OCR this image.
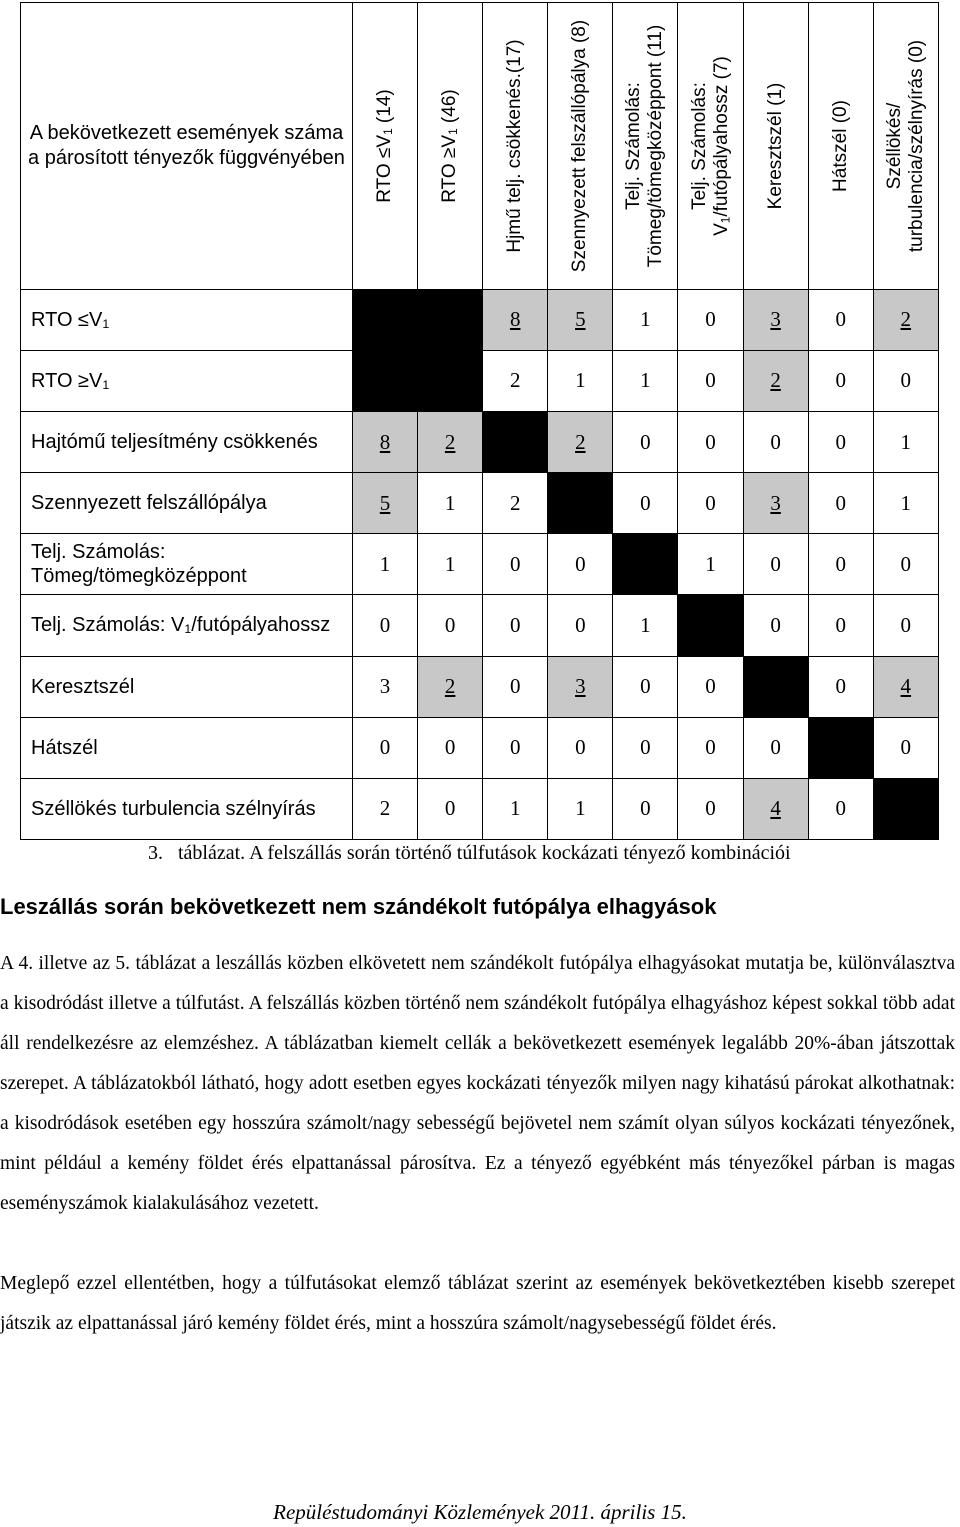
A bekövetkezett események száma a párosított tényezők függvényében	RTO $\le V_1$ (14)	RTO $\ge V_1$ (46)	Hjmű telj. csökkenés.(17)	Szennyezett felszállópálya (8)	Telj. Számolás: Tömeg/tömegközéppont (11)	Telj. Számolás: $V_1$/futópályahossz (7)	Keresztszél (1)	Hátszél (0)	Széllökés/ turbulencia/szélnyírás (0)

RTO $\le V_1$			8	5	1	0	3	0	2
RTO $\ge V_1$			2	1	1	0	2	0	0
Hajtómű teljesítmény csökkenés	8	2		2	0	0	0	0	1
Szennyezett felszállópálya	5	1	2		0	0	3	0	1
Telj. Számolás: Tömeg/tömegközéppont	1	1	0	0		1	0	0	0
Telj. Számolás: $V_1$/futópályahossz	0	0	0	0	1		0	0	0
Keresztszél	3	2	0	3	0	0		0	4
Hátszél	0	0	0	0	0	0	0		0
Széllökés turbulencia szélnyírás	2	0	1	1	0	0	4	0	
3.   táblázat. A felszállás során történő túlfutások kockázati tényező kombinációi
Leszállás során bekövetkezett nem szándékolt futópálya elhagyások
A 4. illetve az 5. táblázat a leszállás közben elkövetett nem szándékolt futópálya elhagyásokat mutatja be, különválasztva a kisodródást illetve a túlfutást. A felszállás közben történő nem szándékolt futópálya elhagyáshoz képest sokkal több adat áll rendelkezésre az elemzéshez. A táblázatban kiemelt cellák a bekövetkezett események legalább 20%-ában játszottak szerepet. A táblázatokból látható, hogy adott esetben egyes kockázati tényezők milyen nagy kihatású párokat alkothatnak: a kisodródások esetében egy hosszúra számolt/nagy sebességű bejövetel nem számít olyan súlyos kockázati tényezőnek, mint például a kemény földet érés elpattanással párosítva. Ez a tényező egyébként más tényezőkel párban is magas eseményszámok kialakulásához vezetett.
Meglepő ezzel ellentétben, hogy a túlfutásokat elemző táblázat szerint az események bekövetkeztében kisebb szerepet játszik az elpattanással járó kemény földet érés, mint a hosszúra számolt/nagysebességű földet érés.
Repüléstudományi Közlemények 2011. április 15.
